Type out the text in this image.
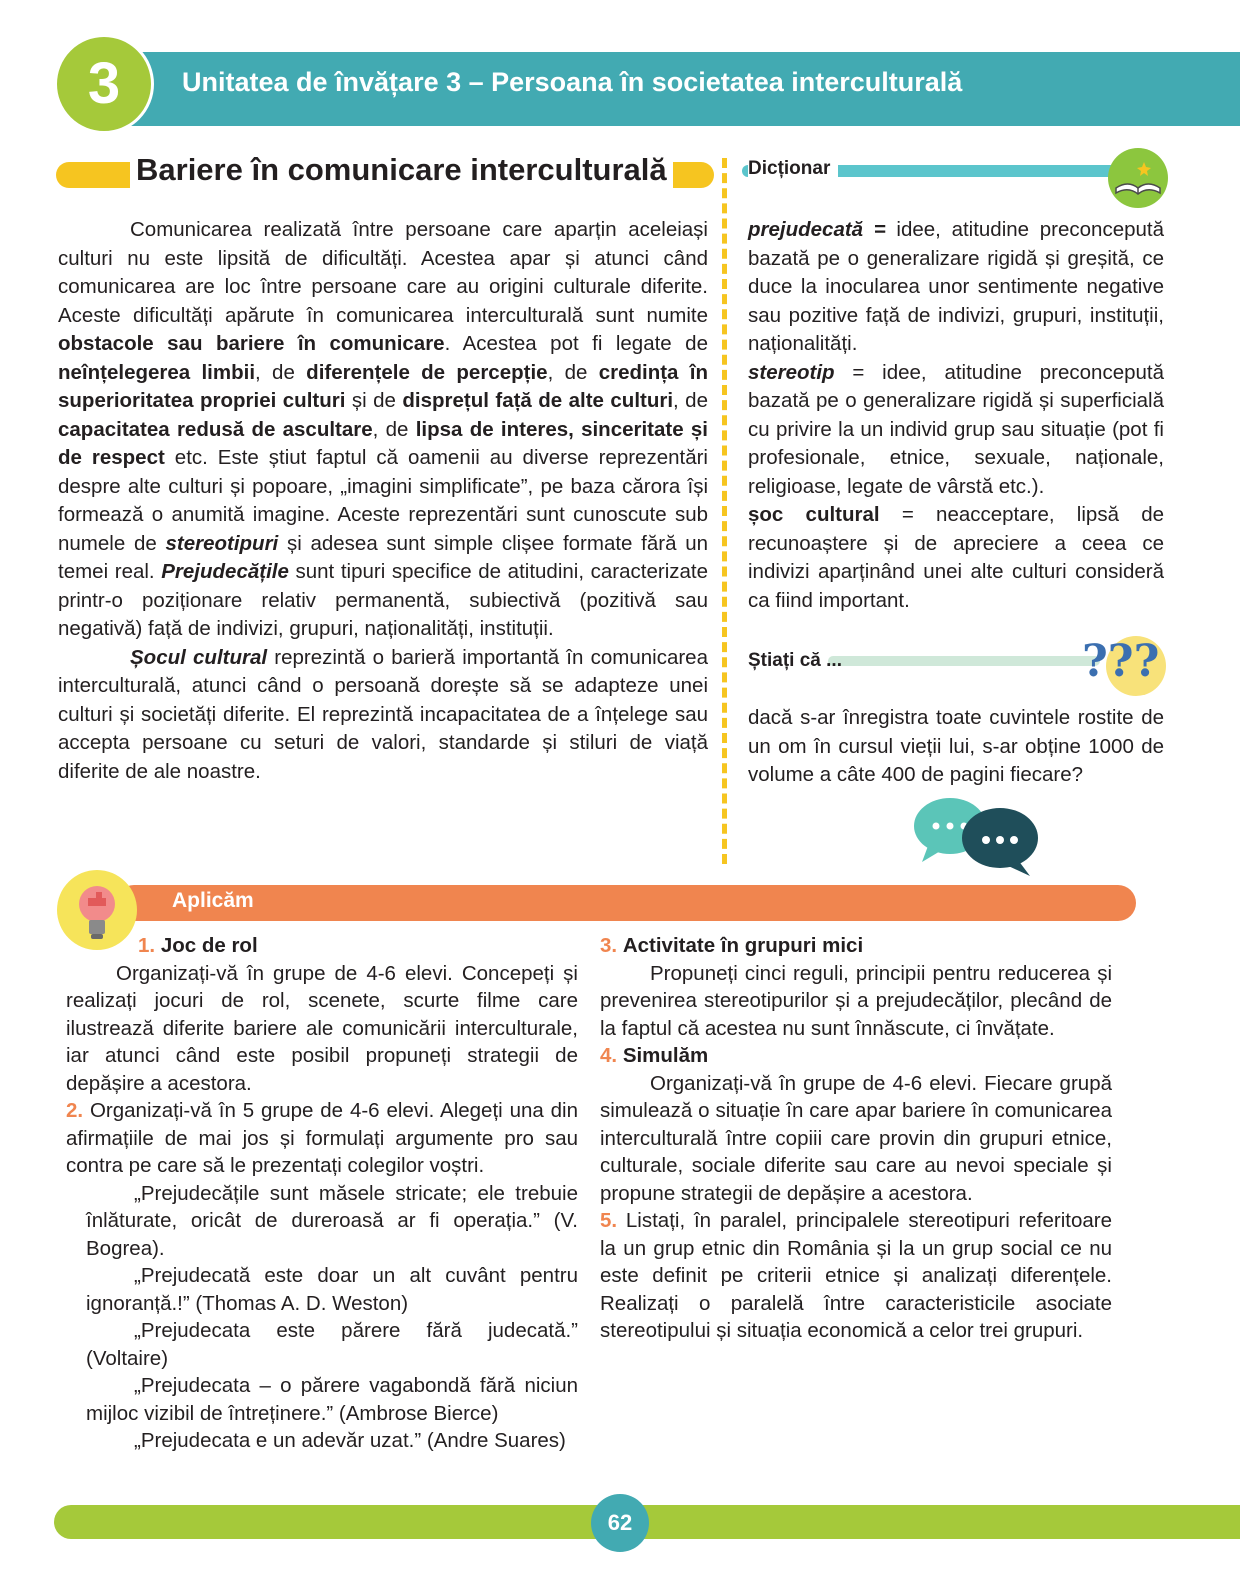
Unitatea de învățare 3 – Persoana în societatea interculturală
3
Bariere în comunicare interculturală

Comunicarea realizată între persoane care aparțin aceleiași culturi nu este lipsită de dificultăți. Acestea apar și atunci când comunicarea are loc între persoane care au origini culturale diferite. Aceste dificultăți apărute în comunicarea interculturală sunt numite obstacole sau bariere în comunicare. Acestea pot fi legate de neînțelegerea limbii, de diferențele de percepție, de credința în superioritatea propriei culturi și de disprețul față de alte culturi, de capacitatea redusă de ascultare, de lipsa de interes, sinceritate și de respect etc. Este știut faptul că oamenii au diverse reprezentări despre alte culturi și popoare, „imagini simplificate”, pe baza cărora își formează o anumită imagine. Aceste reprezentări sunt cunoscute sub numele de stereotipuri și adesea sunt simple clișee formate fără un temei real. Prejudecățile sunt tipuri specifice de atitudini, caracterizate printr-o poziționare relativ permanentă, subiectivă (pozitivă sau negativă) față de indivizi, grupuri, naționalități, instituții.

Șocul cultural reprezintă o barieră importantă în comunicarea interculturală, atunci când o persoană dorește să se adapteze unei culturi și societăți diferite. El reprezintă incapacitatea de a înțelege sau accepta persoane cu seturi de valori, standarde și stiluri de viață diferite de ale noastre.

Dicționar

prejudecată = idee, atitudine preconcepută bazată pe o generalizare rigidă și greșită, ce duce la inocularea unor sentimente negative sau pozitive față de indivizi, grupuri, instituții, naționalități.

stereotip = idee, atitudine preconcepută bazată pe o generalizare rigidă și superficială cu privire la un individ grup sau situație (pot fi profesionale, etnice, sexuale, naționale, religioase, legate de vârstă etc.).

șoc cultural = neacceptare, lipsă de recunoaștere și de apreciere a ceea ce indivizi aparținând unei alte culturi consideră ca fiind important.

Știați că ...	???

dacă s-ar înregistra toate cuvintele rostite de un om în cursul vieții lui, s-ar obține 1000 de volume a câte 400 de pagini fiecare?

Aplicăm

1. Joc de rol

Organizați-vă în grupe de 4-6 elevi. Concepeți și realizați jocuri de rol, scenete, scurte filme care ilustrează diferite bariere ale comunicării interculturale, iar atunci când este posibil propuneți strategii de depășire a acestora.

2. Organizați-vă în 5 grupe de 4-6 elevi. Alegeți una din afirmațiile de mai jos și formulați argumente pro sau contra pe care să le prezentați colegilor voștri.

„Prejudecățile sunt măsele stricate; ele trebuie înlăturate, oricât de dureroasă ar fi operația.” (V. Bogrea).

„Prejudecată este doar un alt cuvânt pentru ignoranță.!” (Thomas A. D. Weston)

„Prejudecata este părere fără judecată.” (Voltaire)

„Prejudecata – o părere vagabondă fără niciun mijloc vizibil de întreținere.” (Ambrose Bierce)

„Prejudecata e un adevăr uzat.” (Andre Suares)

3. Activitate în grupuri mici

Propuneți cinci reguli, principii pentru reducerea și prevenirea stereotipurilor și a prejudecăților, plecând de la faptul că acestea nu sunt înnăscute, ci învățate.

4. Simulăm

Organizați-vă în grupe de 4-6 elevi. Fiecare grupă simulează o situație în care apar bariere în comunicarea interculturală între copiii care provin din grupuri etnice, culturale, sociale diferite sau care au nevoi speciale și propune strategii de depășire a acestora.

5. Listați, în paralel, principalele stereotipuri referitoare la un grup etnic din România și la un grup social ce nu este definit pe criterii etnice și analizați diferențele. Realizați o paralelă între caracteristicile asociate stereotipului și situația economică a celor trei grupuri.

62
